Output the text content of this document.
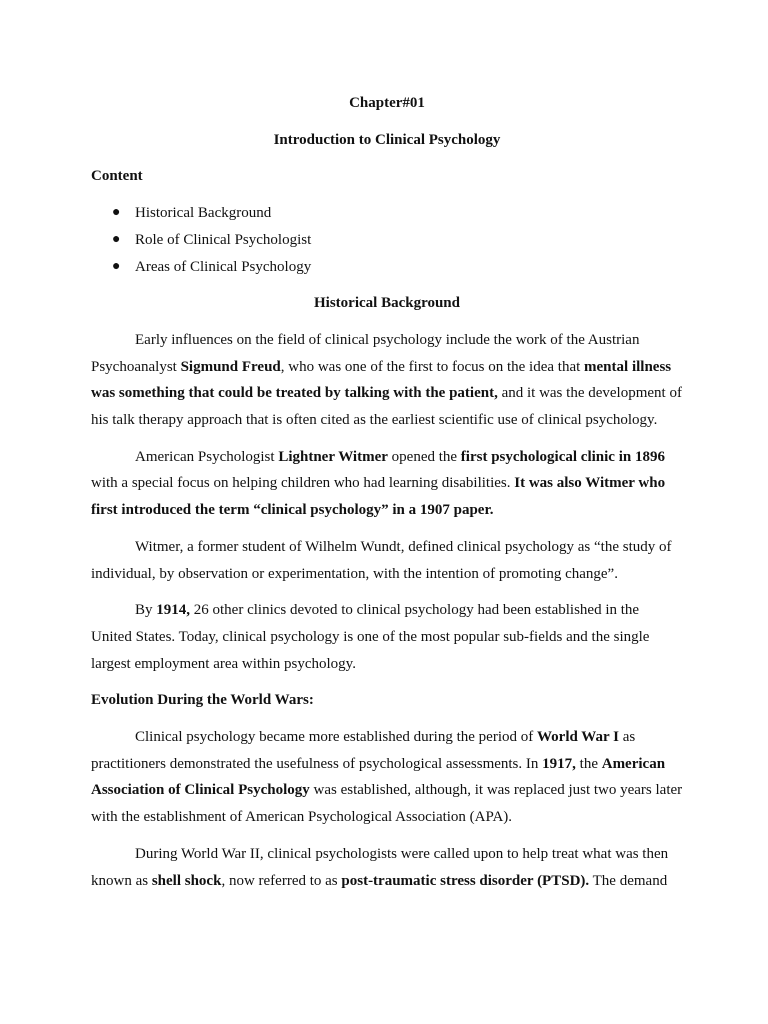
Chapter#01

Introduction to Clinical Psychology

Content

● Historical Background
● Role of Clinical Psychologist
● Areas of Clinical Psychology

Historical Background

Early influences on the field of clinical psychology include the work of the Austrian Psychoanalyst Sigmund Freud, who was one of the first to focus on the idea that mental illness was something that could be treated by talking with the patient, and it was the development of his talk therapy approach that is often cited as the earliest scientific use of clinical psychology.

American Psychologist Lightner Witmer opened the first psychological clinic in 1896 with a special focus on helping children who had learning disabilities. It was also Witmer who first introduced the term “clinical psychology” in a 1907 paper.

Witmer, a former student of Wilhelm Wundt, defined clinical psychology as “the study of individual, by observation or experimentation, with the intention of promoting change”.

By 1914, 26 other clinics devoted to clinical psychology had been established in the United States. Today, clinical psychology is one of the most popular sub-fields and the single largest employment area within psychology.

Evolution During the World Wars:

Clinical psychology became more established during the period of World War I as practitioners demonstrated the usefulness of psychological assessments. In 1917, the American Association of Clinical Psychology was established, although, it was replaced just two years later with the establishment of American Psychological Association (APA).

During World War II, clinical psychologists were called upon to help treat what was then known as shell shock, now referred to as post-traumatic stress disorder (PTSD). The demand
